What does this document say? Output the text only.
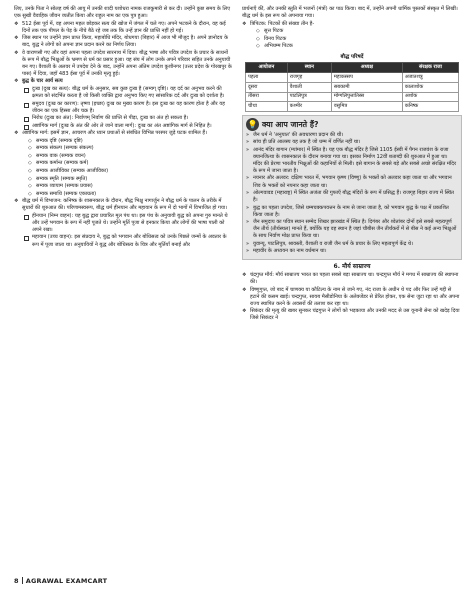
लिए, उनके पिता ने सोलह वर्ष की आयु में उनकी शादी यशोधरा नामक राजकुमारी से कर दी। उन्होंने कुछ समय के लिए एक सुखी वैवाहिक जीवन व्यतीत किया और राहुल नाम का एक पुत्र हुआ।

❖ 512 ईसा पूर्व में, वह अपना महल छोड़कर सत्य की खोज में जंगल में चले गए। अपने भटकने के दौरान, वह कई दिनों तक एक पीपल के पेड़ के नीचे बैठे रहे जब तक कि उन्हें ज्ञान की प्राप्ति नहीं हो गई।

❖ जिस स्थान पर उन्होंने ज्ञान प्राप्त किया, महाबोधि मंदिर, बोधगया (बिहार) में आज भी मौजूद है। अपने ज्ञानोदय के बाद, बुद्ध ने लोगों को अपना ज्ञान प्रदान करने का निर्णय लिया।

❖ वे वाराणसी गए और वहां अपना पहला उपदेश सारनाथ में दिया। बौद्ध भाषा और पवित्र उपदेश के प्रचार के साधनों के रूप में बौद्ध भिक्षुओं के भ्रमण से धर्म का प्रसार हुआ। यह संघ में लोग उनके अपने परिवार सहित उनके अनुयायी बन गए। वैशाली के अलवर में उपदेश देने के बाद, उन्होंने अपना अंतिम उपदेश कुशीनगर (उत्तर प्रदेश के गोरखपुर के पास) में दिया, जहाँ 483 ईसा पूर्व में उनकी मृत्यु हुई।

❖ बुद्ध के चार आर्य सत्य

दुःख (दुख का सत्य): बौद्ध धर्म के अनुसार, सब कुछ दुःख है (सम्यग् दृष्टि)। यह दर्द का अनुभव करने की क्षमता को संदर्भित करता है जो किसी व्यक्ति द्वारा अनुभव किए गए सांसारिक दर्द और दुःख को दर्शाता है।

समुदय (दुःख का कारण): तृष्णा (इच्छा) दुःख का मुख्य कारण है। इस दुःख का यह कारण होता है और यह जीवन का एक हिस्सा और चक्र है।

निरोध (दुःख का अंत): निर्वाणम्‌ निर्वाण की प्राप्ति से पीड़ा, दुःख का अंत हो सकता है।

अष्टांगिक मार्ग (दुःख के अंत की ओर ले जाने वाला मार्ग): दुःख का अंत अष्टांगिक मार्ग से निहित है।

❖ अष्टांगिक मार्ग: इसमें ज्ञान, आचरण और ध्यान प्रथाओं से संबंधित विभिन्न परस्पर जुड़े घटक शामिल हैं।

◇ सम्यक दृष्टि (सम्यक दृष्टि)

◇ सम्यक संकल्प (सम्यक संकल्प)

◇ सम्यक वाक (सम्यक वचन)

◇ सम्यक कर्मान्त (सम्यक कर्म)

◇ सम्यक आजीविका (सम्यक आजीविका)

◇ सम्यक स्मृति (सम्यक स्मृति)

◇ सम्यक व्यायाम (सम्यक प्रयास)

◇ सम्यक समाधि (सम्यक एकाग्रता)

❖ बौद्ध धर्म में विभाजन: कनिष्क के शासनकाल के दौरान, बौद्ध भिक्षु नागार्जुन ने बौद्ध धर्म के पालन के तरीके में सुधारों की शुरुआत की। परिणामस्वरूप, बौद्ध धर्म हीनयान और महायान के रूप में दो भागों में विभाजित हो गया।

हीनयान (निम्न वाहन): यह बुद्ध द्वारा प्रचारित मूल पंथ था। इस पंथ के अनुयायी बुद्ध को अपना गुरु मानते थे और उन्हें भगवान के रूप में नहीं पूजते थे। उन्होंने मूर्ति पूजा से इनकार किया और लोगों की भाषा पाली को अपने रखा।

महायान (उच्च वाहन): इस संप्रदाय ने, बुद्ध को भगवान और बोधिसत्व को उनके पिछले जन्मों के अवतार के रूप में पूजा जाता था। अनुयायियों ने बुद्ध और बोधिसत्व के चित्र और मूर्तियाँ बनाईं और

प्रार्थनाएँ कीं, और उनकी स्तुति में भजनों (मंत्रों) का पाठ किया। बाद में, उन्होंने अपनी धार्मिक पुस्तकों संस्कृत में लिखीं। बौद्ध धर्म के इस रूप को अपनाया गया।

❖ त्रिपिटक: पिटकों की संख्या तीन है-

◇ सुत्त पिटक

◇ विनय पिटक

◇ अभिधम्म पिटक

बौद्ध परिषदें
आयोजन	स्थान	अध्यक्ष	संरक्षक राजा
पहला	राजगृह	महाकस्सप	अजातशत्रु
दूसरा	वैशाली	सबकामी	कालाशोक
तीसरा	पाटलिपुत्र	मोग्गलिपुत्तातिस्स	अशोक
चौथा	कश्मीर	वसुमित्र	कनिष्क
💡 क्या आप जानते हैं?

» जैन धर्म ने 'अनुयात' की अवधारणा प्रदान की थी।

» सांच ही प्रति आलस्य यह तक है जो धम्म में वर्णित नहीं था।

» आनंद मंदिर बागान (म्यांमार) में स्थित है। यह एक बौद्ध मंदिर है जिसे 1105 ईस्वी में पैगन राजवंश के राजा क्यानजित्था के शासनकाल के दौरान बनाया गया था। इसका निर्माण 12वीं शताब्दी की शुरुआत में हुआ था। मंदिर की प्रेरणा भारतीय भिक्षुओं की कहानियों से मिली। इसे बागान के सबसे बड़े और सबसे अच्छे संरक्षित मंदिर के रूप में जाना जाता है।

» नयनार और अलवर: दक्षिण भारत में, भगवान कृष्ण (विष्णु) के भक्तों को अलवार कहा जाता था और भगवान शिव के भक्तों को नयनार कहा जाता था।

» ओल्गवावड (महाराष्ट्र) में स्थित अजंता की गुफाएँ बौद्ध मंदिरों के रूप में प्रसिद्ध हैं। राजगृह बिहार राज्य में स्थित है।

» बुद्ध का पहला उपदेश, जिसे धम्मचक्कपवत्तन के नाम से जाना जाता है, को भगवान बुद्ध के पक्ष में प्रकाशित किया जाता है।

» जैन समुदाय का पवित्र स्थान सम्मेद शिखर झारखंड में स्थित है। दिगंबर और श्वेतांबर दोनों इसे सबसे महत्वपूर्ण जैन तीर्थ (तीर्थस्थल) मानते हैं, क्योंकि यह वह स्थान है जहां चौबीस जैन तीर्थंकरों में से बीस ने कई अन्य भिक्षुओं के साथ निर्वाण मोक्ष प्राप्त किया था।

» युवान्यू, पाटलिपुत्र, श्रावस्ती, वैशाली व राजी जैन धर्म के प्रचार के लिए महत्वपूर्ण केंद्र थे।

» महावीर के अध्ययन का नाम वर्धमान था।

6. मौर्य साम्राज्य

❖ चंद्रगुप्त मौर्य: मौर्य साम्राज्य भारत का पहला सबसे बड़ा साम्राज्य था। चन्द्रगुप्त मौर्य ने मगध में साम्राज्य की स्थापना की।

❖ विष्णुगुप्त, जो बाद में चाणक्य या कौटिल्य के नाम से जाने गए, नंद राजा के अधीन थे पद और फिर उन्हें गद्दी से हटाने की कसम खाई। चन्द्रगुप्त, सायब मैसीडोनिया के अलेक्जेंडर से प्रेरित होकर, एक सेना जुटा रहा था और अपना राज्य स्थापित करने के अवसरों की तलाश कर रहा था।

❖ सिकंदर की मृत्यु की खबर सुनकर चंद्रगुप्त ने लोगों को भड़काया और उनकी मदद से उस यूनानी सेना को खदेड़ दिया जिसे सिकंदर ने

8 AGRAWAL EXAMCART
